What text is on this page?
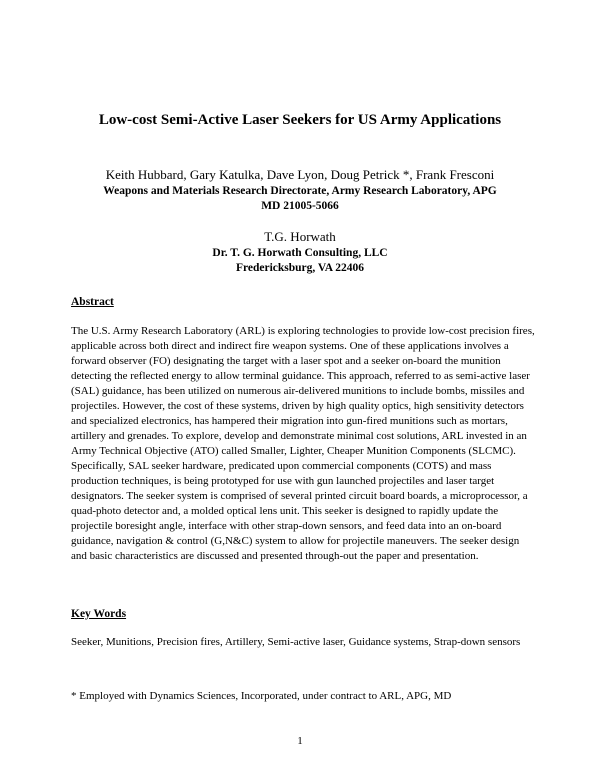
Low-cost Semi-Active Laser Seekers for US Army Applications
Keith Hubbard, Gary Katulka, Dave Lyon, Doug Petrick *, Frank Fresconi
Weapons and Materials Research Directorate, Army Research Laboratory, APG
MD 21005-5066
T.G. Horwath
Dr. T. G. Horwath Consulting, LLC
Fredericksburg, VA 22406
Abstract

The U.S. Army Research Laboratory (ARL) is exploring technologies to provide low-cost precision fires, applicable across both direct and indirect fire weapon systems. One of these applications involves a forward observer (FO) designating the target with a laser spot and a seeker on-board the munition detecting the reflected energy to allow terminal guidance. This approach, referred to as semi-active laser (SAL) guidance, has been utilized on numerous air-delivered munitions to include bombs, missiles and projectiles. However, the cost of these systems, driven by high quality optics, high sensitivity detectors and specialized electronics, has hampered their migration into gun-fired munitions such as mortars, artillery and grenades. To explore, develop and demonstrate minimal cost solutions, ARL invested in an Army Technical Objective (ATO) called Smaller, Lighter, Cheaper Munition Components (SLCMC). Specifically, SAL seeker hardware, predicated upon commercial components (COTS) and mass production techniques, is being prototyped for use with gun launched projectiles and laser target designators. The seeker system is comprised of several printed circuit board boards, a microprocessor, a quad-photo detector and, a molded optical lens unit. This seeker is designed to rapidly update the projectile boresight angle, interface with other strap-down sensors, and feed data into an on-board guidance, navigation & control (G,N&C) system to allow for projectile maneuvers. The seeker design and basic characteristics are discussed and presented through-out the paper and presentation.

Key Words

Seeker, Munitions, Precision fires, Artillery, Semi-active laser, Guidance systems, Strap-down sensors

* Employed with Dynamics Sciences, Incorporated, under contract to ARL, APG, MD
1
